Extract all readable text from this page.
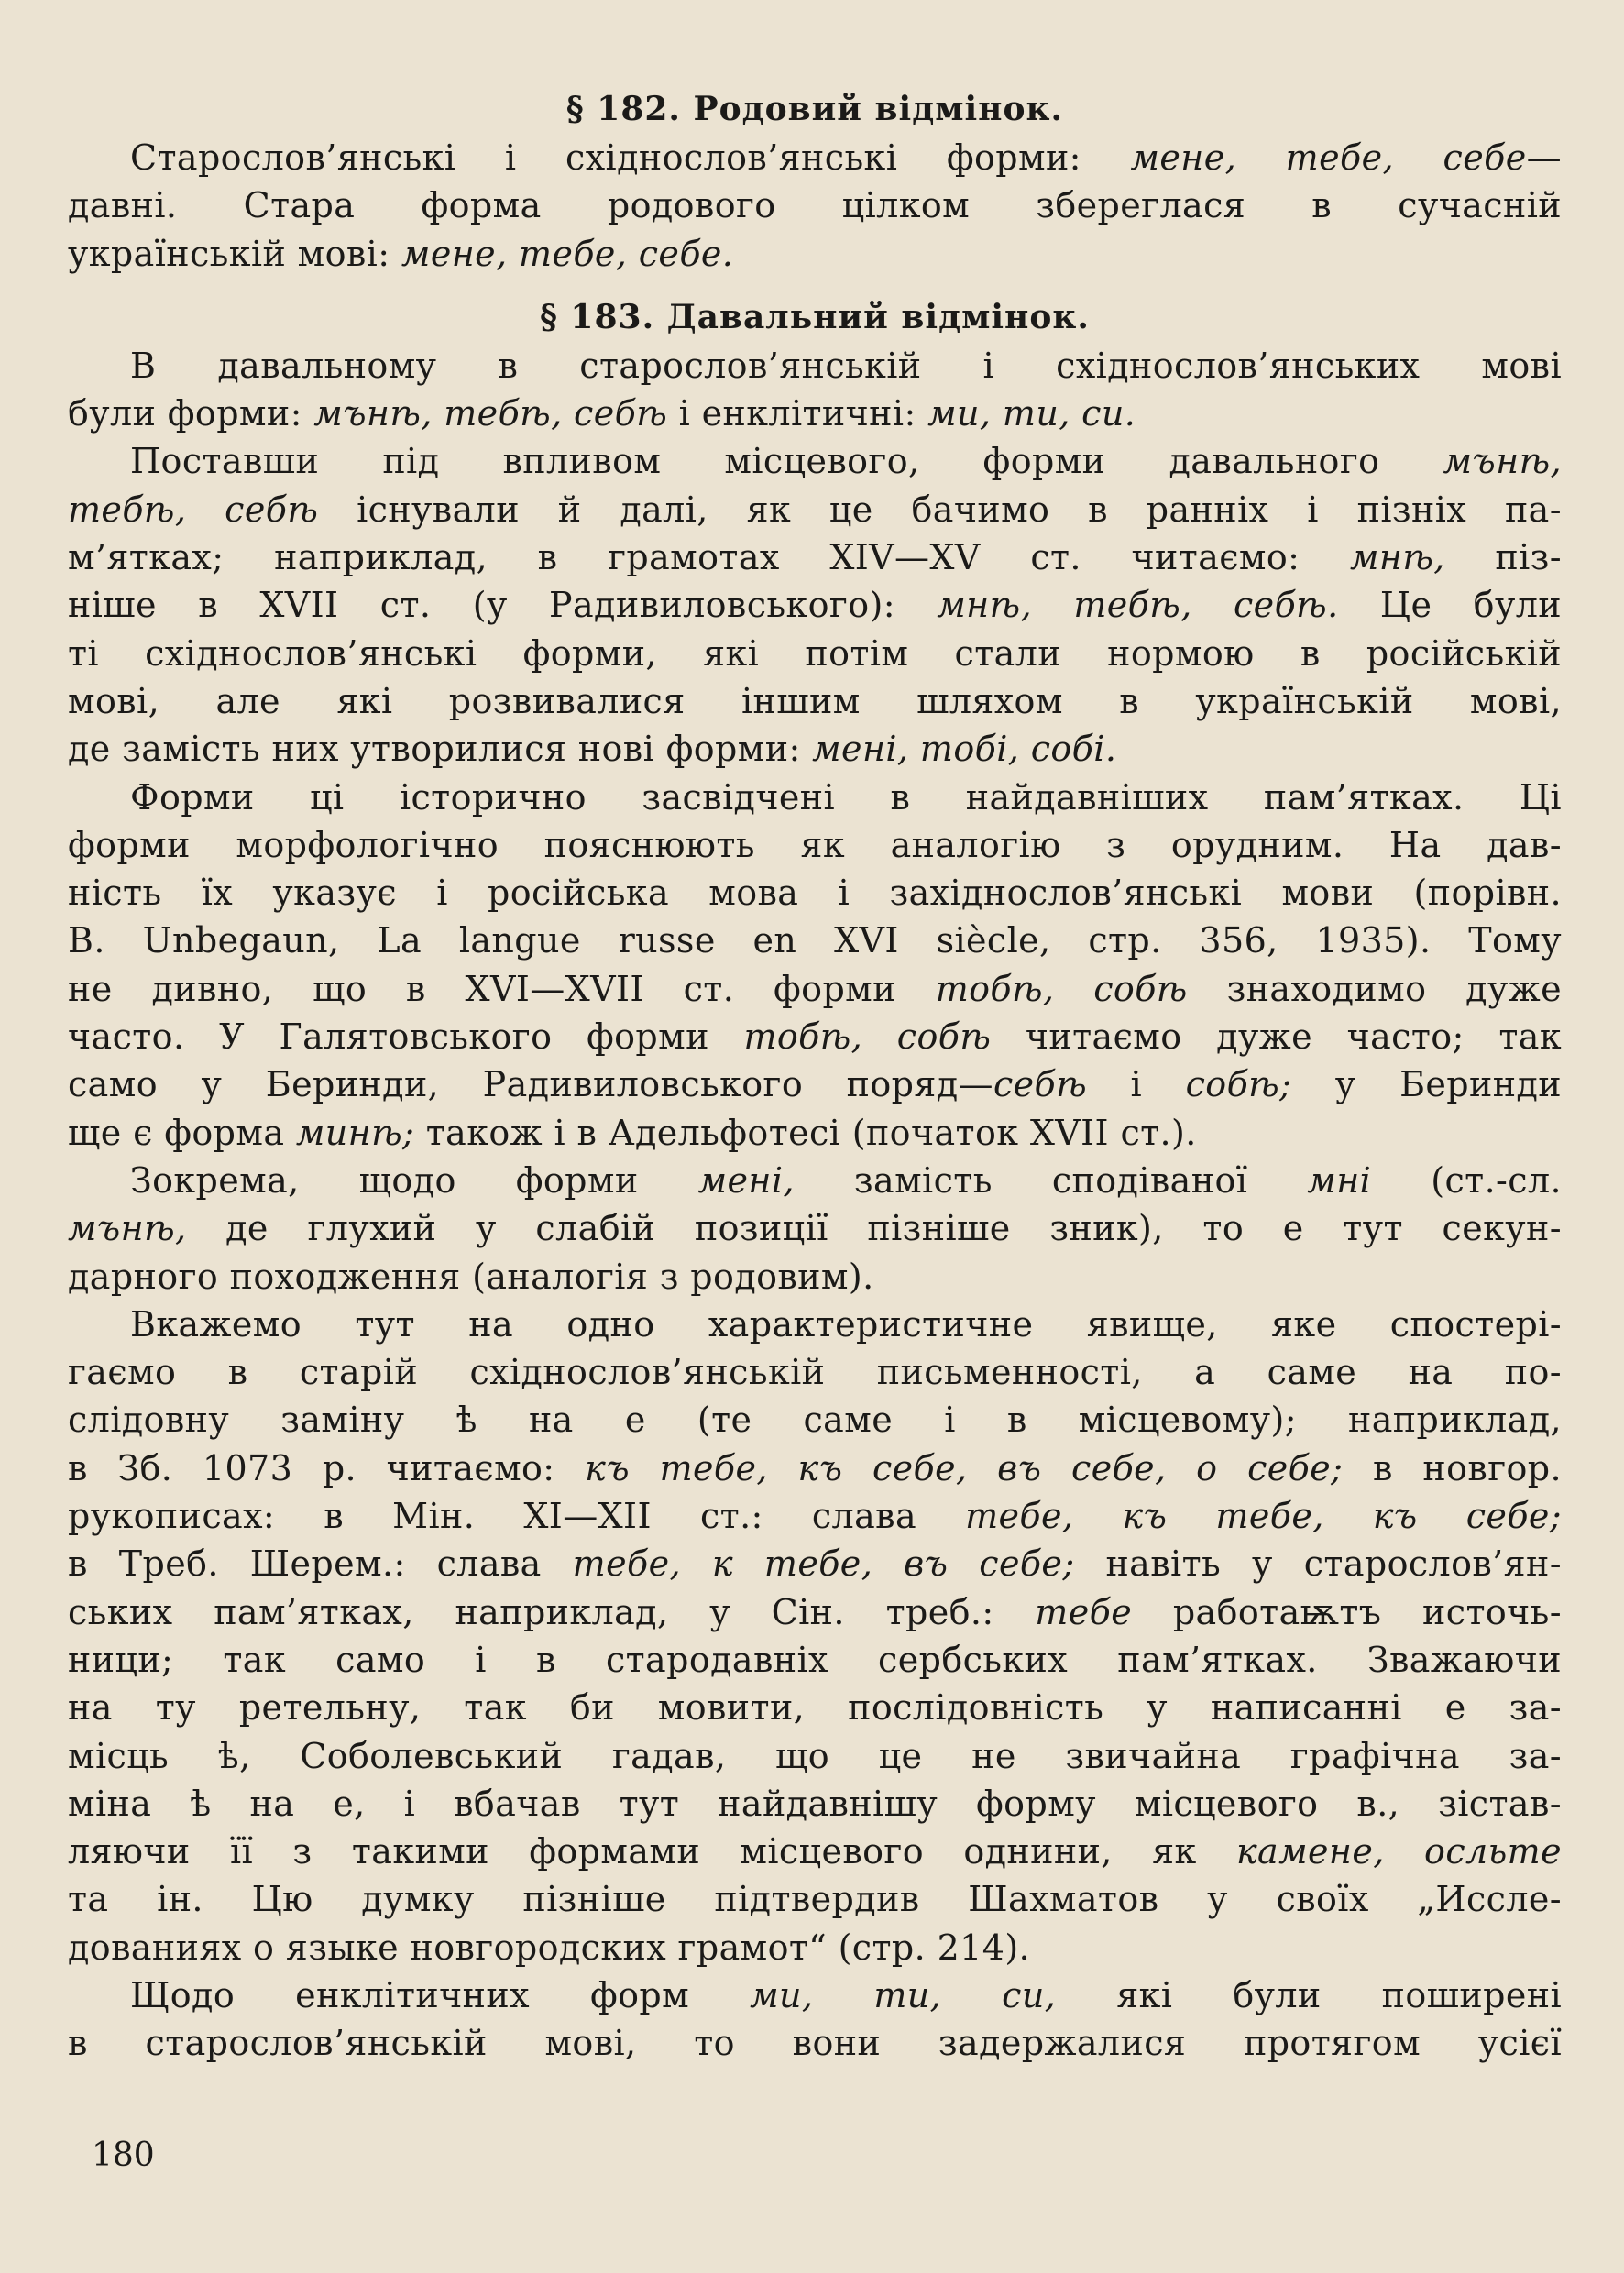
§ 182. Родовий відмінок.
Старослов’янські і східнослов’янські форми: мене, тебе, себе—
давні. Стара форма родового цілком збереглася в сучасній
українській мові: мене, тебе, себе.
§ 183. Давальний відмінок.
В давальному в старослов’янській і східнослов’янських мові
були форми: мънѣ, тебѣ, себѣ і енклітичні: ми, ти, си.
Поставши під впливом місцевого, форми давального мънѣ,
тебѣ, себѣ існували й далі, як це бачимо в ранніх і пізніх па-
м’ятках; наприклад, в грамотах XIV—XV ст. читаємо: мнѣ, піз-
ніше в XVII ст. (у Радивиловського): мнѣ, тебѣ, себѣ. Це були
ті східнослов’янські форми, які потім стали нормою в російській
мові, але які розвивалися іншим шляхом в українській мові,
де замість них утворилися нові форми: мені, тобі, собі.
Форми ці історично засвідчені в найдавніших пам’ятках. Ці
форми морфологічно пояснюють як аналогію з орудним. На дав-
ність їх указує і російська мова і західнослов’янські мови (порівн.
B. Unbegaun, La langue russe en XVI siècle, стр. 356, 1935). Тому
не дивно, що в XVI—XVII ст. форми тобѣ, собѣ знаходимо дуже
часто. У Галятовського форми тобѣ, собѣ читаємо дуже часто; так
само у Беринди, Радивиловського поряд—себѣ і собѣ; у Беринди
ще є форма минѣ; також і в Адельфотесі (початок XVII ст.).
Зокрема, щодо форми мені, замість сподіваної мні (ст.-сл.
мънѣ, де глухий у слабій позиції пізніше зник), то е тут секун-
дарного походження (аналогія з родовим).
Вкажемо тут на одно характеристичне явище, яке спостері-
гаємо в старій східнослов’янській письменності, а саме на по-
слідовну заміну ѣ на е (те саме і в місцевому); наприклад,
в Зб. 1073 р. читаємо: къ тебе, къ себе, въ себе, о себе; в новгор.
рукописах: в Мін. XI—XII ст.: слава тебе, къ тебе, къ себе;
в Треб. Шерем.: слава тебе, к тебе, въ себе; навіть у старослов’ян-
ських пам’ятках, наприклад, у Сін. треб.: тебе работаѭтъ источь-
ници; так само і в стародавніх сербських пам’ятках. Зважаючи
на ту ретельну, так би мовити, послідовність у написанні е за-
місць ѣ, Соболевський гадав, що це не звичайна графічна за-
міна ѣ на е, і вбачав тут найдавнішу форму місцевого в., зістав-
ляючи її з такими формами місцевого однини, як камене, осльте
та ін. Цю думку пізніше підтвердив Шахматов у своїх „Иссле-
дованиях о языке новгородских грамот“ (стр. 214).
Щодо енклітичних форм ми, ти, си, які були поширені
в старослов’янській мові, то вони задержалися протягом усієї
180
